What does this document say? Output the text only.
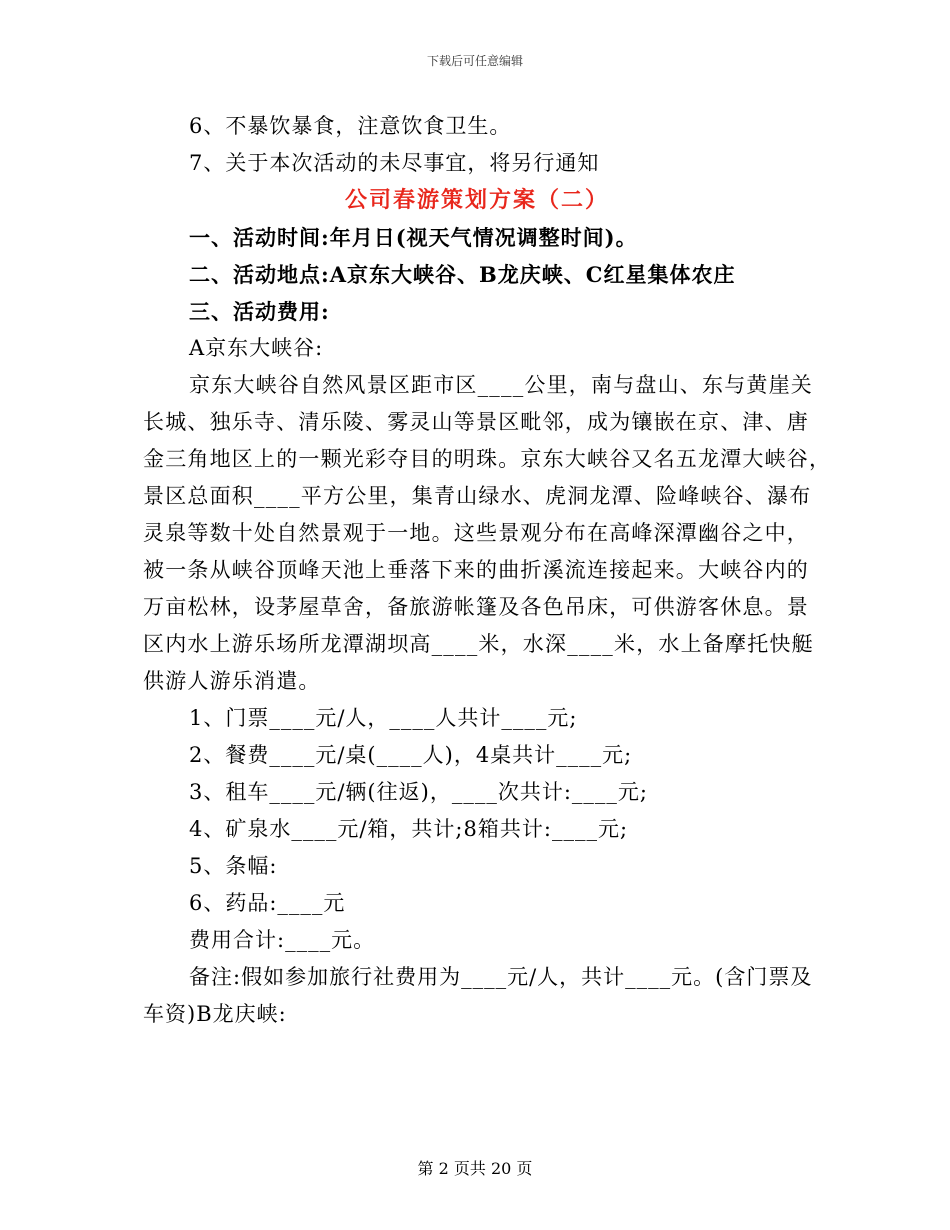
下载后可任意编辑
6、不暴饮暴食，注意饮食卫生。
7、关于本次活动的未尽事宜，将另行通知
公司春游策划方案（二）
一、活动时间:年月日(视天气情况调整时间)。
二、活动地点:A京东大峡谷、B龙庆峡、C红星集体农庄
三、活动费用:
A京东大峡谷:
京东大峡谷自然风景区距市区____公里，南与盘山、东与黄崖关
长城、独乐寺、清乐陵、雾灵山等景区毗邻，成为镶嵌在京、津、唐
金三角地区上的一颗光彩夺目的明珠。京东大峡谷又名五龙潭大峡谷，
景区总面积____平方公里，集青山绿水、虎洞龙潭、险峰峡谷、瀑布
灵泉等数十处自然景观于一地。这些景观分布在高峰深潭幽谷之中，
被一条从峡谷顶峰天池上垂落下来的曲折溪流连接起来。大峡谷内的
万亩松林，设茅屋草舍，备旅游帐篷及各色吊床，可供游客休息。景
区内水上游乐场所龙潭湖坝高____米，水深____米，水上备摩托快艇
供游人游乐消遣。
1、门票____元/人，____人共计____元;
2、餐费____元/桌(____人)，4桌共计____元;
3、租车____元/辆(往返)，____次共计:____元;
4、矿泉水____元/箱，共计;8箱共计:____元;
5、条幅:
6、药品:____元
费用合计:____元。
备注:假如参加旅行社费用为____元/人，共计____元。(含门票及
车资)B龙庆峡:
第 2 页共 20 页
